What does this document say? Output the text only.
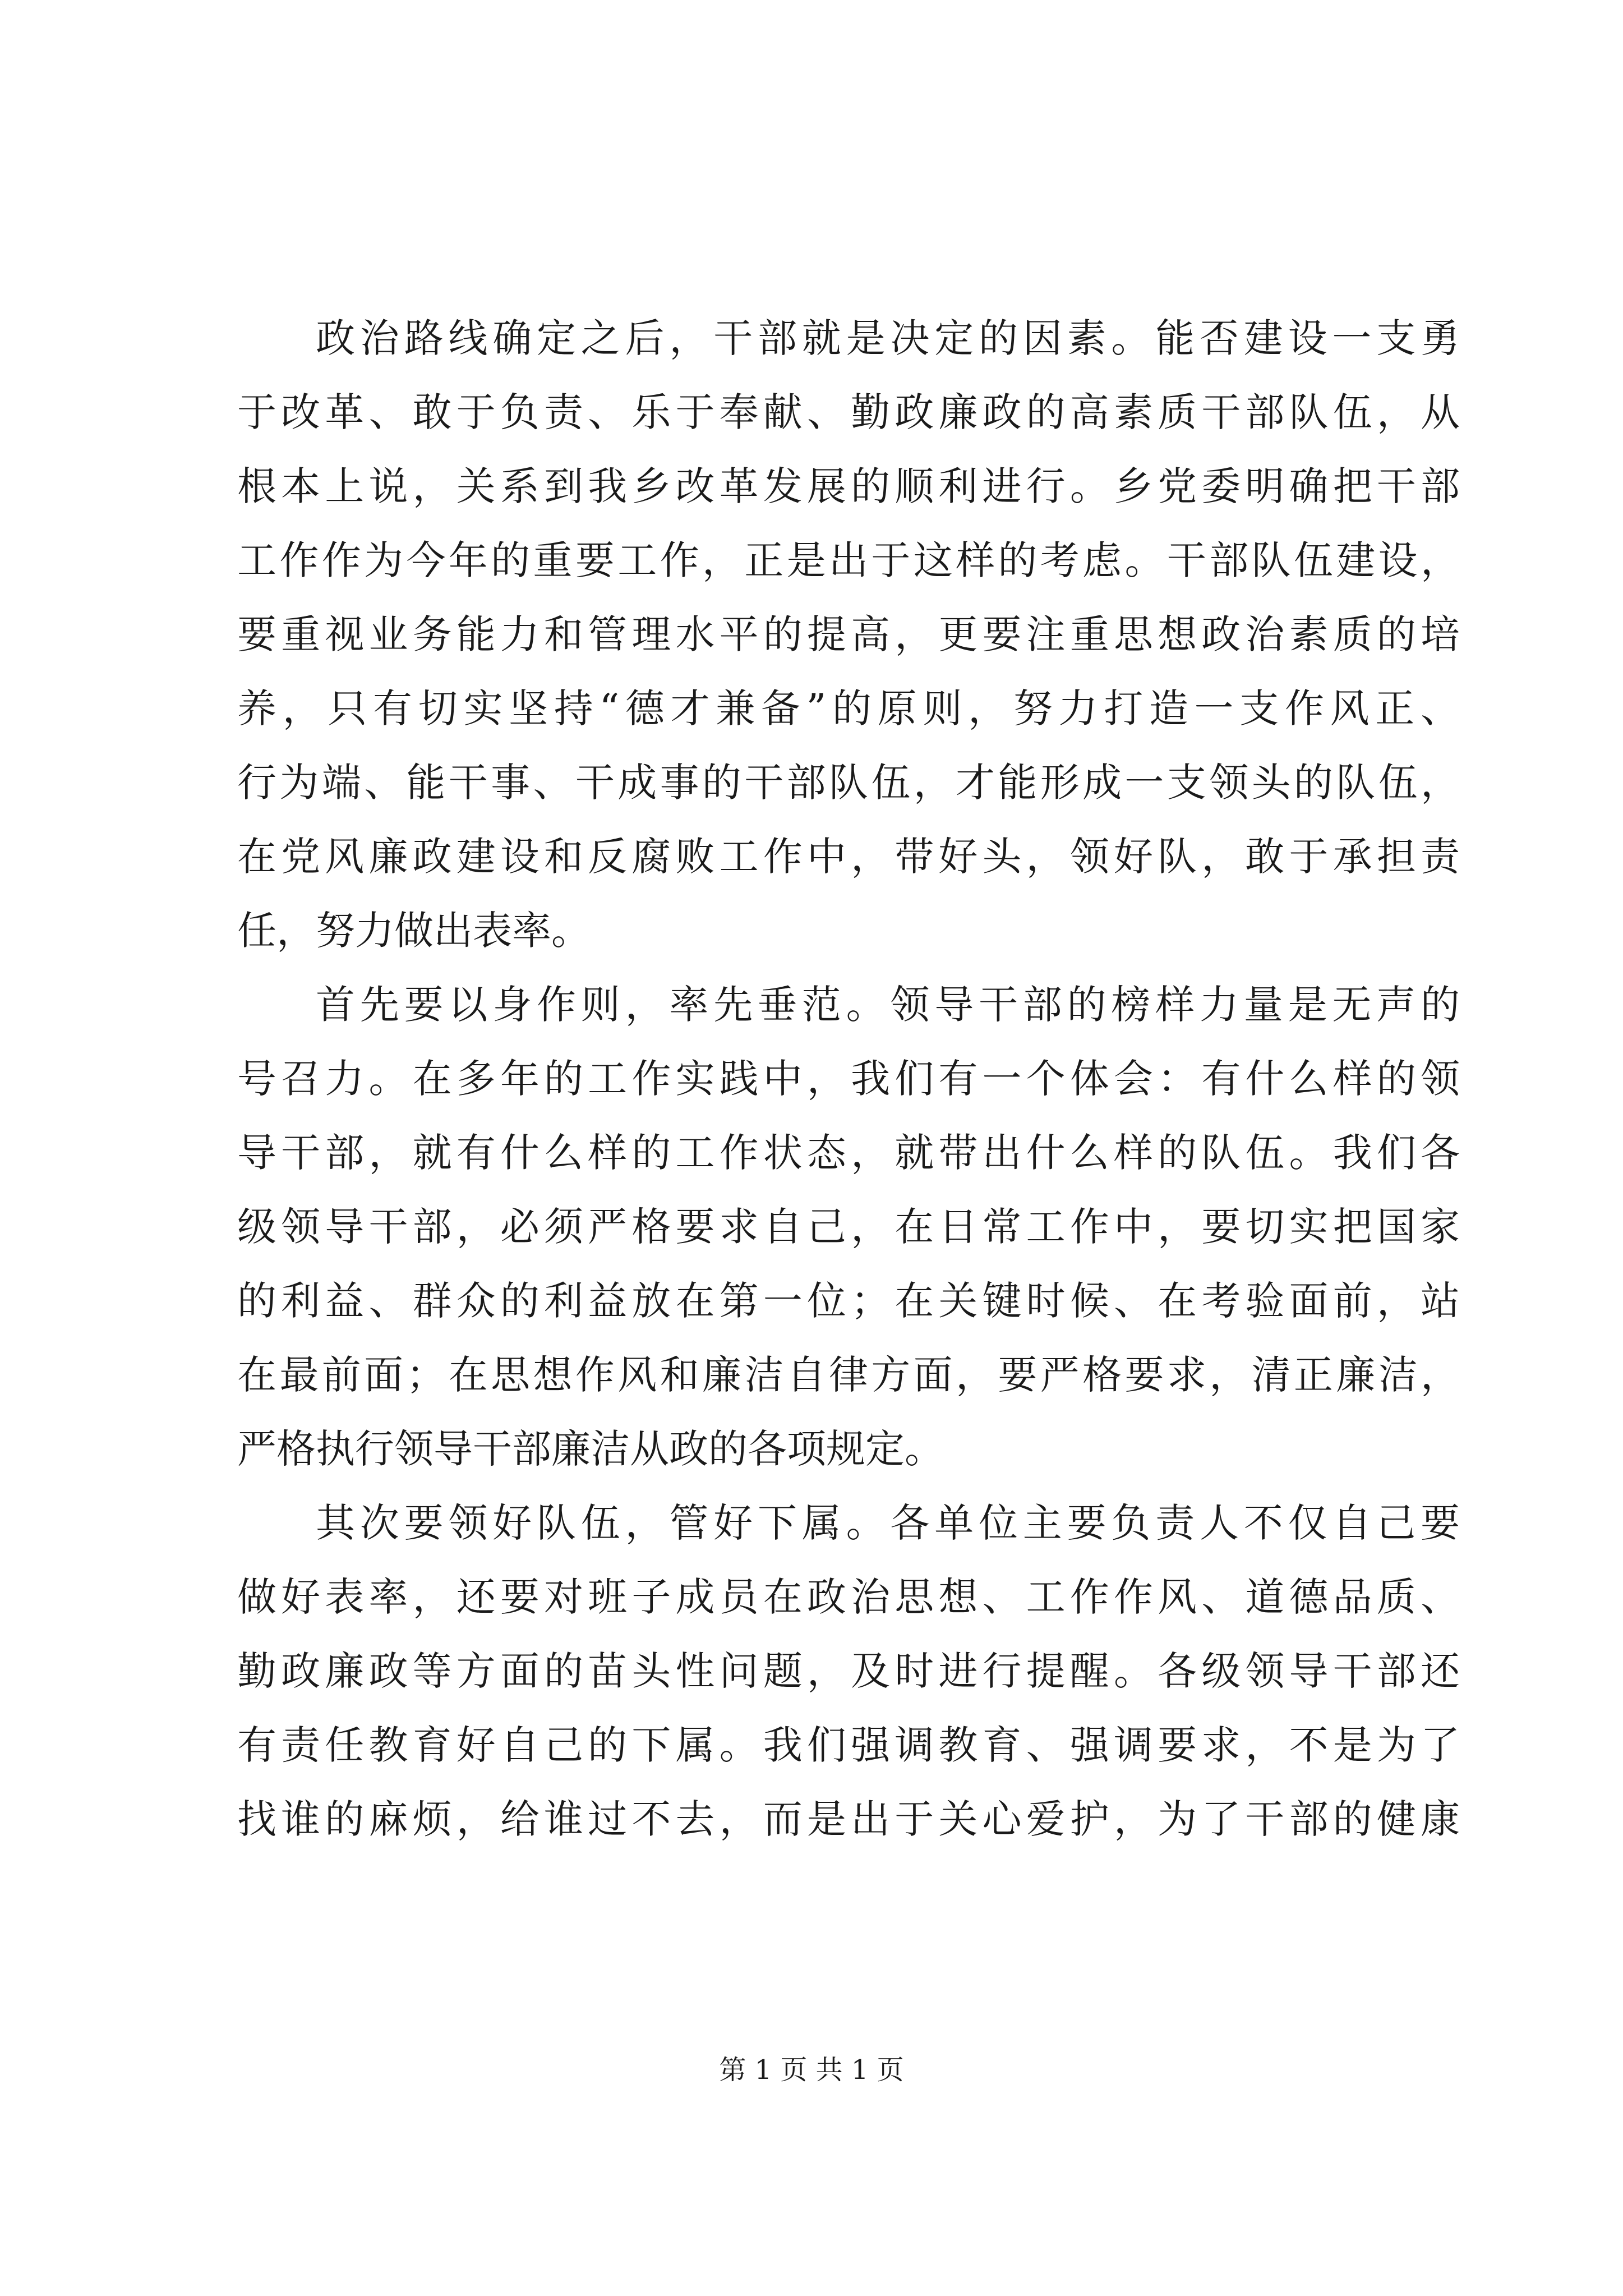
政治路线确定之后，干部就是决定的因素。能否建设一支勇
于改革、敢于负责、乐于奉献、勤政廉政的高素质干部队伍，从
根本上说，关系到我乡改革发展的顺利进行。乡党委明确把干部
工作作为今年的重要工作，正是出于这样的考虑。干部队伍建设，
要重视业务能力和管理水平的提高，更要注重思想政治素质的培
养，只有切实坚持“德才兼备”的原则，努力打造一支作风正、
行为端、能干事、干成事的干部队伍，才能形成一支领头的队伍，
在党风廉政建设和反腐败工作中，带好头，领好队，敢于承担责
任，努力做出表率。
首先要以身作则，率先垂范。领导干部的榜样力量是无声的
号召力。在多年的工作实践中，我们有一个体会：有什么样的领
导干部，就有什么样的工作状态，就带出什么样的队伍。我们各
级领导干部，必须严格要求自己，在日常工作中，要切实把国家
的利益、群众的利益放在第一位；在关键时候、在考验面前，站
在最前面；在思想作风和廉洁自律方面，要严格要求，清正廉洁，
严格执行领导干部廉洁从政的各项规定。
其次要领好队伍，管好下属。各单位主要负责人不仅自己要
做好表率，还要对班子成员在政治思想、工作作风、道德品质、
勤政廉政等方面的苗头性问题，及时进行提醒。各级领导干部还
有责任教育好自己的下属。我们强调教育、强调要求，不是为了
找谁的麻烦，给谁过不去，而是出于关心爱护，为了干部的健康
第 1 页 共 1 页
